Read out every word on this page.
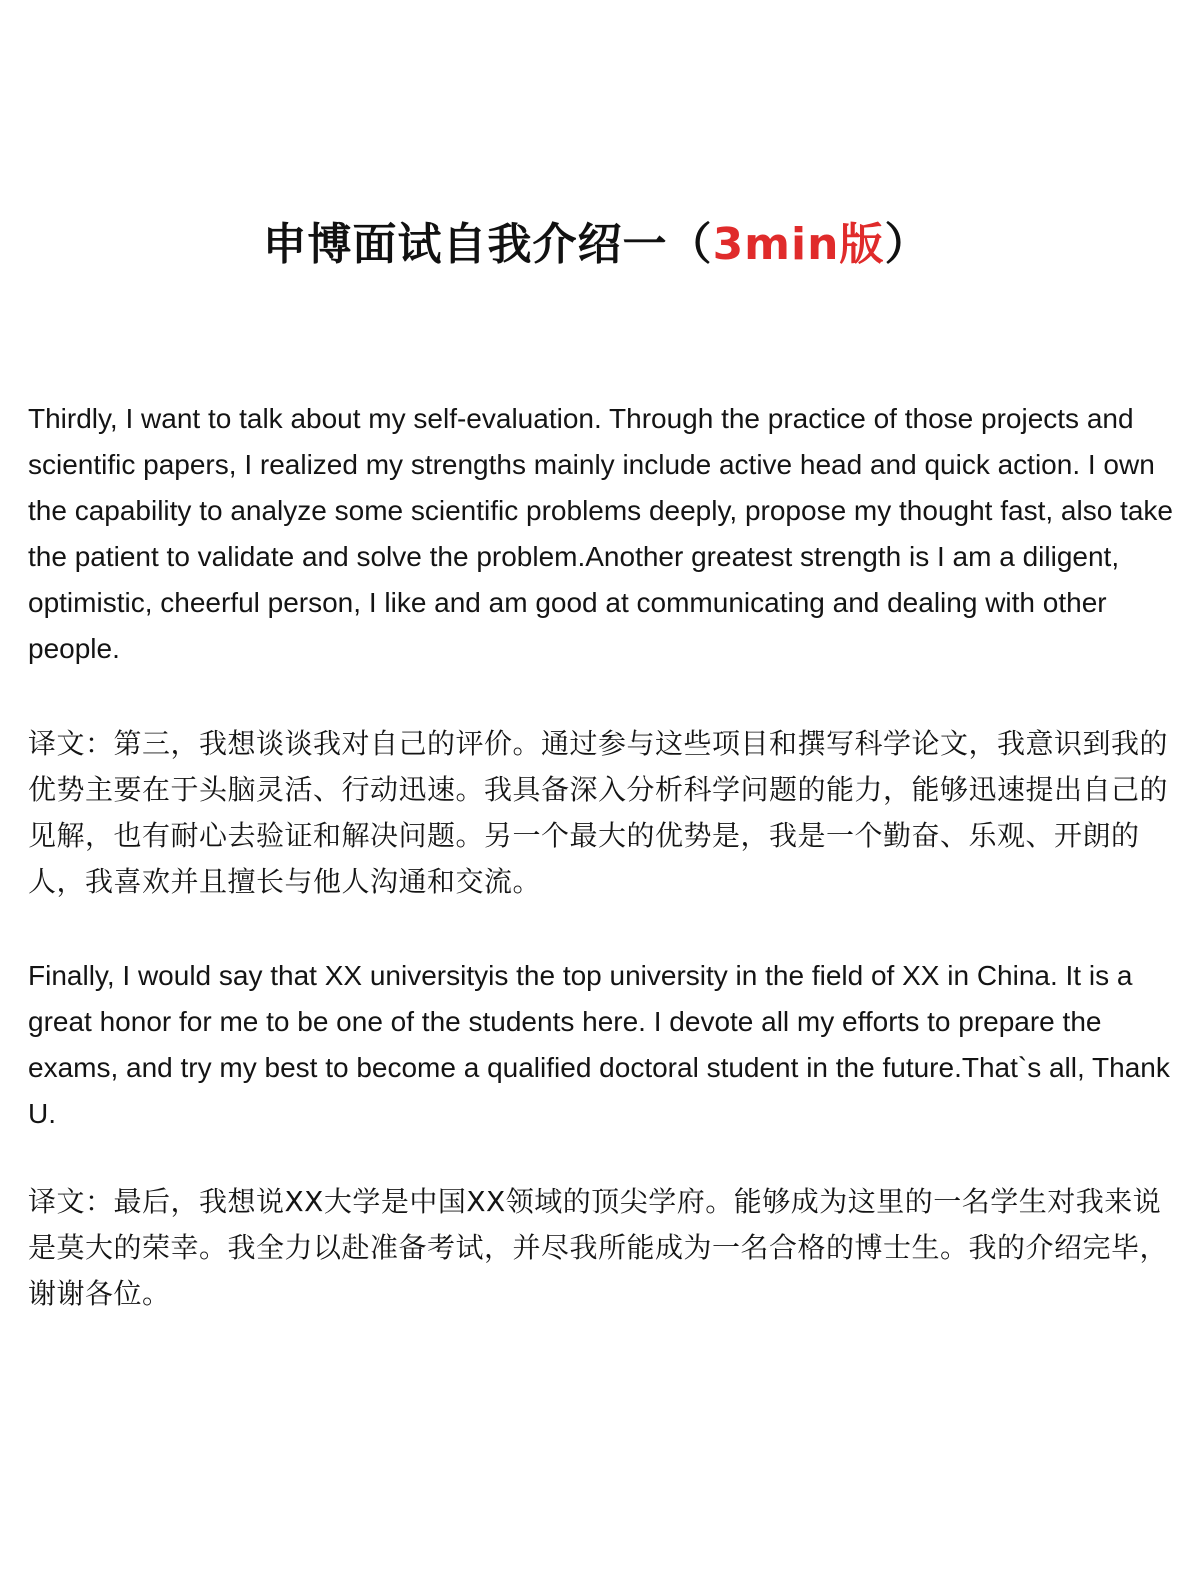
申博面试自我介绍一（3min版）

Thirdly, I want to talk about my self-evaluation. Through the practice of those projects and scientific papers, I realized my strengths mainly include active head and quick action. I own the capability to analyze some scientific problems deeply, propose my thought fast, also take the patient to validate and solve the problem.Another greatest strength is I am a diligent, optimistic, cheerful person, I like and am good at communicating and dealing with other people.

译文：第三，我想谈谈我对自己的评价。通过参与这些项目和撰写科学论文，我意识到我的优势主要在于头脑灵活、行动迅速。我具备深入分析科学问题的能力，能够迅速提出自己的见解，也有耐心去验证和解决问题。另一个最大的优势是，我是一个勤奋、乐观、开朗的人，我喜欢并且擅长与他人沟通和交流。

Finally, I would say that XX universityis the top university in the field of XX in China. It is a great honor for me to be one of the students here. I devote all my efforts to prepare the exams, and try my best to become a qualified doctoral student in the future.That`s all, Thank U.

译文：最后，我想说XX大学是中国XX领域的顶尖学府。能够成为这里的一名学生对我来说是莫大的荣幸。我全力以赴准备考试，并尽我所能成为一名合格的博士生。我的介绍完毕，谢谢各位。
